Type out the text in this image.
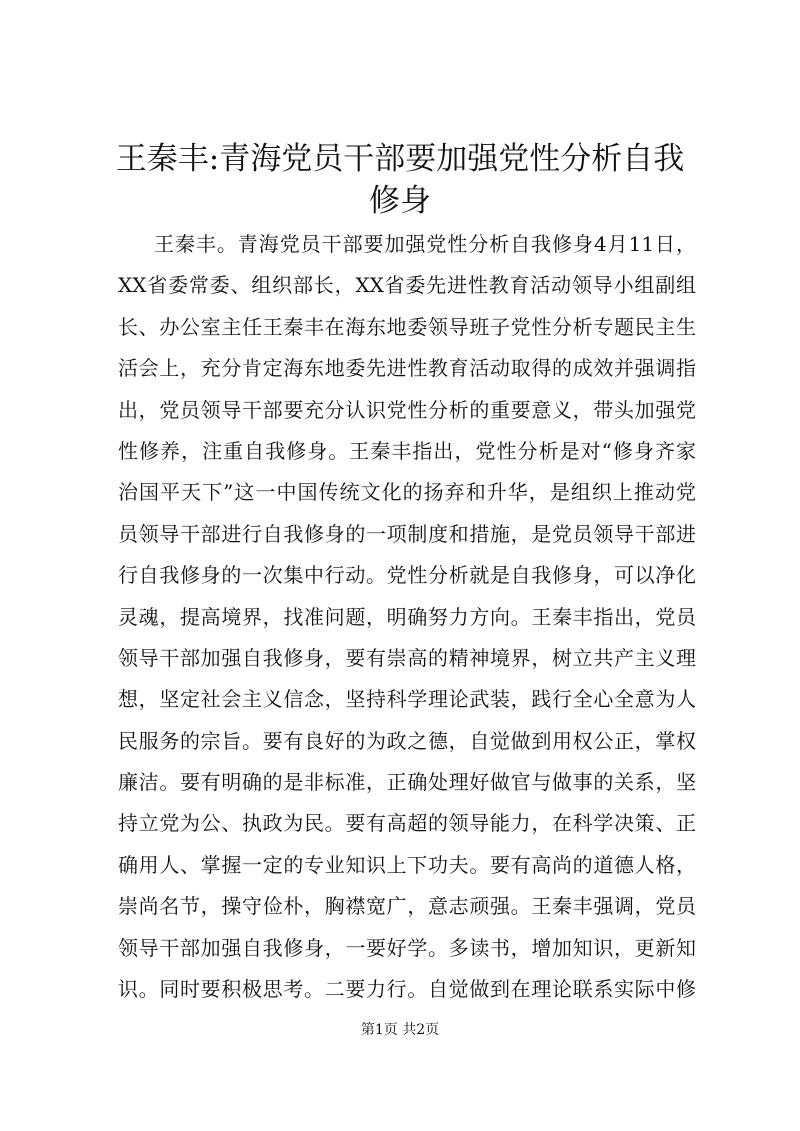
王秦丰:青海党员干部要加强党性分析自我修身
王秦丰。青海党员干部要加强党性分析自我修身4月11日，
XX省委常委、组织部长，XX省委先进性教育活动领导小组副组
长、办公室主任王秦丰在海东地委领导班子党性分析专题民主生
活会上，充分肯定海东地委先进性教育活动取得的成效并强调指
出，党员领导干部要充分认识党性分析的重要意义，带头加强党
性修养，注重自我修身。王秦丰指出，党性分析是对“修身齐家
治国平天下”这一中国传统文化的扬弃和升华，是组织上推动党
员领导干部进行自我修身的一项制度和措施，是党员领导干部进
行自我修身的一次集中行动。党性分析就是自我修身，可以净化
灵魂，提高境界，找准问题，明确努力方向。王秦丰指出，党员
领导干部加强自我修身，要有崇高的精神境界，树立共产主义理
想，坚定社会主义信念，坚持科学理论武装，践行全心全意为人
民服务的宗旨。要有良好的为政之德，自觉做到用权公正，掌权
廉洁。要有明确的是非标准，正确处理好做官与做事的关系，坚
持立党为公、执政为民。要有高超的领导能力，在科学决策、正
确用人、掌握一定的专业知识上下功夫。要有高尚的道德人格，
崇尚名节，操守俭朴，胸襟宽广，意志顽强。王秦丰强调，党员
领导干部加强自我修身，一要好学。多读书，增加知识，更新知
识。同时要积极思考。二要力行。自觉做到在理论联系实际中修
第1页 共2页
